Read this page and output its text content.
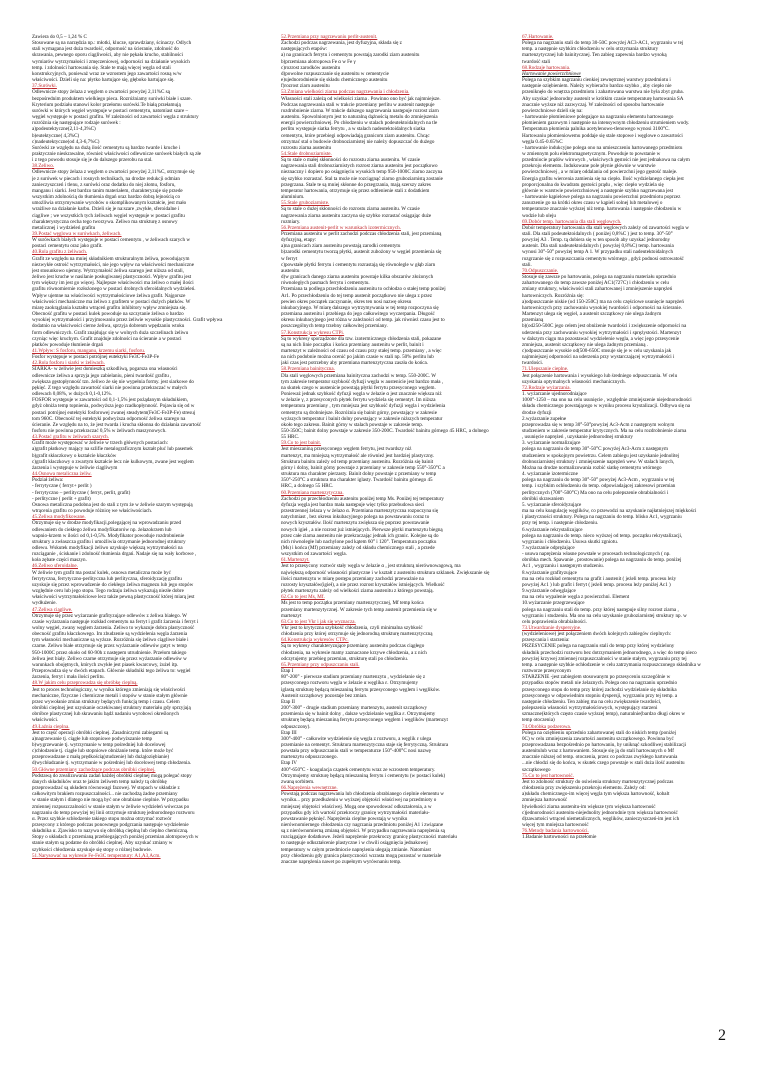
Zawiera do 0,5 – 1,24 % C
Stosowane są na narzędzia np.: młotki, klucze, sprawdziany, ścinaczy. Odlych
stali wymagana jest duża twardość, odporność na ścieranie, zdolność do
skrawania, pewnego oporu ciągliwości, aby nie pękała krucho, stabilności
wymiarów wytrzymałości i zmęczeniowej, odporności na działanie wysokich
temp. i zdolności hartowania się. Stale te mają więcej węgla od stali
konstrukcyjnych, ponieważ wraz ze wzrostem jego zawartości rosną w/w
właściwości. Dzieli się na: płytko hartujące się, głęboko hartujące się.
37.Surówki.
Odlewnicze stopy żelaza z węglem o zwartości powyżej 2,11%C są
bezpośrednim produktem wielkiego pieca. Rozróżniamy surówki białe i szare.
Kryterium podziału stanowi kolor przełomu surówki.Te białą przełamują
surówki w których węgiel występuje w postaci cementytu, natomiast szare –
węgiel występuje w postaci grafitu. W zależności od zawartości węgla z struktury
rozróżnia się następujące rodzaje surówek :
a)podeutektyczne(2,11-4,3%C)
b)eutektyczne( 4,3%C)
c)nadeutektyczne(od 4,3-6,7%C)
Surówki ze względu na dużą ilość cementytu są bardzo twarde i kruche i
praktycznie nieskrawalne, również właściwości odlewnicze surówek białych są złe
i z tego powodu stosuje się je do dalszego przerobu na stal.
38.Żeliwo.
Odlewnicze stopy żelaza z węglem o zwartości powyżej 2,11%C, otrzymuje się
je z surówek w piecach i rosnych technikach, na drodze redukcji odmian
zanieczyszczeń i tlenu, z surówki oraz dodatku do niej złomu, fosforu,
manganu i siarki. Jest bardzo tanim materiałem, charakteryzuje się przede
wszystkim zdolnością do tłumienia drgań oraz bardzo dobrą lejnością co
umożliwia otrzymywanie wyrobów o skomplikowanym kształcie, jest mało
wrażliwe na działanie karbu. Dzieli się je na:szare ,zwykłe, sferoidalne i
ciągliwe ; we wszystkich tych żeliwach węgiel występuje w postaci grafitu
charakterystyczna cecha tego tworzywa. Żeliwo ma strukturę z osnowy
metalicznej i wydzieleń grafitu
39.Postać węglowa w surówkach, żeliwach.
W surówkach białych występuje w postaci cementytu , w żeliwach szarych w
postaci cementytu oraz jako grafit.
40.Rola grafitu z żeliwach.
Grafit ze względu na mniej składnikiem strukturalnym żeliwa, powodującym
niezwykłe ostrość wytrzymałości, nie jego wpływ na właściwości mechaniczne
jest stosunkowo ujemny. Wytrzymałość żeliwa szarego jest niższa od stali,
żeliwo jest kruche w nasilanie posługiwanej plastyczności. Wpływ grafitu jest
tym większy im jest go więcej. Najlepsze właściwości ma żeliwo o małej ilości
grafitu równomiernie rozłożonego w postaci drobnych sferoidalnych wydzieleń.
Wpływ ujemne na właściwości wytrzymałościowe żeliwa grafit. Najgorsze
właściwości mechaniczne ma żeliwo z grafitem w postaci dużych płatków. W
miarę zaokrąglania kształtu wtrąceń grafitu inhibitory wpływ zmniejsza się.
Obecność grafitu w postaci kulek powoduje na szczytanie żeliwa o bardzo
wysokiej wytrzymałości i przyjmowaniu przez żeliwie wysokie plastyczności. Grafit wpływa
dodatnio na właściwości cierne żeliwa, sprzyja dobrenm wpędzaniu wtoku
form odlewniczych. Grafit znajdując się w wolnych duża szczelinach żeliwu
czyniąc więc kruchym. Grafit znajduje zdolności na ścieranie a w postaci
płatków powoduje tłumienie drgań
41.Wpływ: S fosforu, manganu, krzemu siarki, fosforu.
Fosfor występuje w postaci potrójnej eutektyki Fe3C-Fe3P-Fe
42.Rola fosforu i siarki w żeliwach.
SIARKA- w żeliwie jest domieszką szkodliwą, pogarsza ona własności
odlewnicze żeliwa a sprzyja jego zabielaniu, pieni twardość grafitu ,
zwiększa gęstopłynność tzn. żeliwo że się nie wypełnia formy. jest siarkowe do
pękięć. Z tego względu zawartość siarki nie powinna przekraczać w małych
odlewach 0,08%, w dużych 0,1-0,12%.
FOSFOR występuje w zawartości od 0,1-1,5% jest pożądanym składnikiem,
gdyż obniża temp topnienia, podwyższa jego rzadkopłynność. Pojawia się od w
postaci potrójnej eutektyki fosforowej zwanej steadytem(Fe3C-Fe3P-Fe) stresuj
tom 960C. Obecność tej eutektyki podwyższa odporność żeliwa szarego na
ścieranie. Ze względu na to, że jest twarda i krucha skłonna do działania zawartość
fosforu nie powinna przekraczać 0,5% w żeliwach maszynowych.
43.Postać grafitu w żeliwach szarych.
Grafit może występować w żeliwie w trzech głównych postaciach:
a)grafit płatkowy mający na szlifie metalograficznym kształt pluć lub pasemek
b)grafit skłaczkowy o kształcie kłaczków
c)grafit kłaczkowy o zwartym kształcie lecz nie kulkowym, zwane jest węglem
żarzenia i występuje w żeliwie ciągliwym
44.Osnowa metaliczna żeliw.
Podział żeliwa:
- ferrytyczne ( ferryt+ perlit )
- ferrytyczno – perlityczne ( ferryt, perlit, grafit)
- perlityczne ( perlit + grafit)
Osnowa metaliczna podobna jest do stali z tym że w żeliwie szarym występują
wtrącenia grafitu co powoduje różnicę we właściwościach.
45.Żeliwa modyfikowane.
Otrzymuje się w drodze modyfikacji,polegającej na wprowadzaniu przed
odlewaniem do ciekłego żeliwa modyfikatorów np. żelazokrzem lub
wapnio-krzem w ilości od 0,1-0,5%. Modyfikator powoduje rozdrobnienie
struktury a zwłaszcza grafitu i umożliwia otrzymanie jednorodnej struktury
odlewu. Wskutek modyfikacji żeliwo uzyskuje większą wytrzymałości na
rozciąganie , ściskanie i zdolność tłumienia drgań. Nadaje się na wały korbowe ,
koła zębate części maszyn.
46.Żeliwo sferoidalne.
W żeliwie tym grafit ma postać kulek, osnowa metaliczna może być
ferrytyczna, ferrytyczno-perlityczna lub perlityczna, sferoidyzację grafitu
uzyskuje się przez wprowadzenie do ciekłego żeliwa magnezu lub jego stopów
względnie ceru lub jego stopu. Tego rodzaju żeliwa wykazują niezłe dobre
właściwości wytrzymałościowe lecz także pewną plastyczność której miarą jest
wydłużenie.
47.Żeliwa ciągliwe.
Otrzymuje się przez wyżarzanie grafityzujące odlewów z żeliwa białego. W
czasie wyżarzania następuje rozkład cementytu na ferryt i grafit żarzenia i ferryt i
wolny węgiel, zwany węglem żarzenia. Żeliwo to wykazuje dobra plastyczność
obecność grafitu kłaczkowego. Im zbudzenie są wydzielenia węgla żarzenia
tym własności mechaniczne są wyższe. Rozróżnia się żeliwo ciągliwe białe i
czarne. Żeliwo białe otrzymuje się przez wyżarzanie odlewów gatyt w temp
950-1000C przez około od 60-90h z następem utrudnienie. Przełom takiego
żeliwa jest biały. Żeliwo czarne otrzymuje się przez wyżarzanie odlewów w
warunkach obojętnych, których zwykłe jest piasek kwarcowy, żużel itp.
Przeprowadza się w dwóch etapach. Głównie składniki tego żeliwa to: węgiel
żarzenia, ferryt i mała ilości perlitu.
48.W jakim celu przeprowadza się obróbkę cieplną.
Jest to proces technologiczny, w wyniku którego zmieniają się właściwości
mechaniczne, fizyczne i chemiczne metali i stopów w stanie stałym głównie
przez wywołanie zmian struktury będących funkcją temp i czasu. Celem
obróbki cieplnej jest uzyskanie oczekiwanej struktury materiału gdy sprzyjają
obróbce plastycznej lub skrawaniu bądź nadaniu wyrobowi określonych
właściwości.
49.Łaźnia cieplna.
Jest to część operacji obróbki cieplnej. Zasadniczymi zabiegami są
a)nagrzewanie tj. ciągłe lub stopniowe podwyższanie temp
b)wygrzewanie tj. wytrzymanie w temp pośredniej lub docelowej
c)chłodzenie tj. ciągłe lub stopniowe obniżanie temp. które może być
przeprowadzane z małą prędkością(studzenie) lub dużą(oziębianie)
d)wychładzanie tj. wytrzymanie w pośredniej lub docelowej temp chłodzenia.
50.Główne przemiany zachodzące podczas obróbki cieplnej.
Podstawą do zrealizowania zadań każdej obróbki cieplnej mogą polegać stopy
danych składników oraz te jakim żeliwem temp należy tą obróbkę
przeprowadzać są układem równowagi fazowej. W stopach w układzie z
całkowitym brakiem rozpuszczalności... nie zachodzą żadne przemiany
w stanie stałym i dlatego nie mogą być one obrabiane cieplnie. W przypadku
zmiennej rozpuszczalności w stanie stałym w żeliwie wydzieleń wówczas po
nagrzaniu do temp powyżej tej linii otrzymuje strukturę jednorodnego roztworu
α. Przez szybkie schłodzenie takiego stopu można otrzymać roztwór
przesycony z którego podczas ponownego podgrzania następuje wydzielenie
składnika α. Zjawisko to nazywa się obróbką cieplną lub cieplno chemiczną.
Stopy o układach z przemianą przebiegających poniżej przemian alotropowych w
stanie stałym są podatne do obróbki cieplnej. Aby uzyskać zmiany w
szybkości chłodzenia uzyskuje się stopy o różnej budowie.
51.Narysować na wykresie Fe-Fe3C temperatury: A1,A3,Acm.
52.Przemiana przy nagrzewaniu perlit-austenit.
Zachodzi podczas nagrzewania, jest dyfuzyjna, składa się z
następujących etapów:
a) na granicach ferrytu i cementytu powstają zarodki ziarn austenitu
b)przemiana alotropowa Fe α w Fe γ
c)rozrost zarodków austenitu
d)powolne rozpuszczanie się austenitu w cementycie
e)ujednorodnienie się składu chemicznego austenitu
f)rozrost ziarn austenitu
53.Zmiana wielkości ziarna podczas nagrzewania i chłodzenia.
Własności stali zależą od wielkości ziarna . Powinno ono być jak najmniejsze.
Podczas nagrzewania stali w trakcie przemiany perlitu w austenit następuje
rozdrobnienie ziarna. W trakcie dalszego nagrzewania następuje rozrost ziarn
austenitu. Spowolnionym jest to naturalną dążnością metalu do zmniejszenia
energii powierzchniowej. Po chłodzeniu w stalach podeutektoidalnych na tle
perlitu występuje siatka ferrytu , a w stalach nadeutektoidalnych siatka
cementytu, które przebiegi odpowiadają granicom ziarn austenitu. Chcąc
otrzymać stal o budowie drobnoziarnistej nie należy dopuszczać do dużego
rozrostu ziarna austenitu
54.Stale drobnoziarniste.
Są to stale o małej skłonności do rozrostu ziarna austenitu. W czasie
nagrzewania stali drobnoziarnistych rozrost ziarna austenitu jest początkowo
nieznaczny i dopiero po osiągnięciu wysokich temp 950-1000C ziarno zaczyna
się szybko rozrastać. Stal ta może nie rozciągnąć ziarno gruboziarnistą zostanie
przegrzana. Stale te są mniej skłonne do przegrzania, mają szerszy zakres
temperatur hartowania, otrzymuje się przez odtlenienie stali z dodatkiem
aluminium.
55.Stale gruboziarniste.
Są to stale o dużej skłonności do rozrostu ziarna austenitu. W czasie
nagrzewania ziarna austenitu zaczyna się szybko rozrastać osiągając duże
rozmiary.
56.Przemiana austenit-perlit w warunkach izotermicznych.
Przemiana austenitu w perlit zachodzi podczas chłodzenia stali, jest przemianą
dyfuzyjną, etapy:
a)na granicach ziarn austenitu powstają zarodki cementytu
b)zarodki cementytu tworzą płytki, austenit zubożony w węgiel przemienia się
w ferryt
c)powstałe płytki ferrytu i cementytu rozrastają się równolegle w głąb ziarn
austenitu
d)w granicach danego ziarna austenitu powstaje kilka obszarów złożonych
równoległych pasmach ferrytu i cementytu.
Przemiana ta podlega przechłodzeniu austenitu to ochłodzo o stałej temp poniżej
Ar1. Po przechłodzeniu do tej temp austenit początkowo nie ulega z przez
pewien okres początek zaczynanie, okres ten nosi nazwę okresu
inkubacyjnego. W miarę dalszego wytrzymywania w tej temp rozpoczyna się
przemiana austenitu i przebiega do jego całkowitego wyczerpania. Długość
okresu inkubacyjnego jest różna w zależności od temp. jak również czasu jest to
poszczególnych temp trzebny całkowitej przemiany.
57.Konstrukcja wykresu CTPi.
Są to wykresy sporządzone dla tzw. izotermicznego chłodzenia stali, pokazane
są na nich linie początku i końca przemiany austenitu w perlit, bainit i
martenzyt w zależności od czasu od czasu przy stałej temp. przemiany , a więc
na nich podobnie można ocenić po jakim czasie w stali np. 50% perlitu lub
jaki czas jest potrzebny aby przemiana martenzytyczna zaszła do końca.
58.Przemiana bainityczna.
Dla stali węglowych przemiana bainityczna zachodzi w temp. 550-200C. W
tym zakresie temperatur szybkość dyfuzji węgla w austenicie jest bardzo mała ,
na skutek czego w austenicie powstają płytki ferrytu przesyconego węglem.
Ponieważ jednak szybkość dyfuzji węgla w żelazie α jest znacznie większa niż
w żelazie γ, z przesyconych płytek ferrytu wydziela się cementyt. Im niższa
temperatura przemiany , tym mniejsza jest szybkość dyfuzji węgla i wydzielenia
cementytu są drobniejsze. Rozróżnia się bainit górny, powstający w zakresie
wyższych temperatur i bainit dolny powstający w zakresie niższych temperatur
około tego zakresu. Bainit górny w stalach powstaje w zakresie temp.
550-350C; bainit dolny powstaje w zakresie 350-200C. Twardość bainitu górnego 45 HRC, a dolnego
55 HRC.
59.Co to jest bainit.
Jest mieszaniną przesyconego węglem ferrytu, jest twardszy niż
martenzyt, ma mniejszą wytrzymałość ale również jest bardziej plastyczny.
Struktura bainitu zależy od temp przemiany austenitu. Rozróżnia się bainit
górny i dolny, bainit górny powstaje z przemiany w zakresie temp 550°-350°C a
struktura ma charakter pierzasty. Bainit dolny powstaje z przemiany w temp
350°-250°C a struktura ma charakter iglasty. Twardość bainitu górnego 45
HRC, a dolnego 55 HRC.
60.Przemiana martenzytyczna.
Zachodzi po przechłodzeniu austenitu poniżej temp Ms. Poniżej tej temperatury
dyfuzja węgla jest bardzo mała następuje więc tylko przebudowa sieci
przestrzennej żelaza γ w żelazo α. Przemiana martenzytyczna rozpoczyna się
natychmiast , bez okresu inkubacyjnego polega na powstawaniu coraz to
nowych kryształów. Ilość martenzytu zwiększa się poprzez powstawanie
nowych igieł , a nie rozrost już istniejących. Pierwsze płytki martenzytu biegną
przez całe ziarna austenitu nie przekraczając jednak ich granic. Kolejne są do
nich równoległe lub nachylone pod kątem 60° i 120°. Temperatura początku
(Ms) i końca (Mf) przemiany zależy od składu chemicznego stali , a przede
wszystkim od zawartości węgla.
61.Martenzyt.
Jest to przesycony roztwór stały węgla w żelazie α , jest strukturą nierównowagową, ma
największą odporność własności plastyczne i w kształt z austenitu struktura szklanek. Zwiększanie się
ilości martenzytu w miarę postępu przemiany zachodzi przeważnie na
rozrosty kryształów(igieł), a nie przez rozrost kryształów istniejących. Wielkość
płytek martenzytu zależy od wielkości ziarna austenitu z którego powstają.
62.Co to jest Ms, Mf.
Ms jest to temp początku przemiany martenzytycznej, Mf temp końca
przemiany martenzytycznej. W zakresie tych temp austenit przemienia się w
martenzyt
63.Co to jest Vkr i jak się wyznacza.
Vkr jest to krytyczna szybkość chłodzenia, czyli minimalna szybkość
chłodzenia przy której otrzymuje się jednorodną strukturę martenzytyczną
64.Konstrukcja wykresów CTPc.
Są to wykresy charakteryzujące przemiany austenitu podczas ciągłego
chłodzenia, na wykresie mamy zaznaczone krzywe chłodzenia, a z nich
odczytujemy przebieg przemian, strukturę stali po chłodzeniu.
65.Przemiany przy odpuszczaniu stali.
Etap I
80°-200° - pierwsze stadium przemiany martenzytu , wydzielanie się z
przesyconego roztworu węgla w żelazie α węglika ε. Otrzymujemy
iglastą strukturę będącą mieszaniną ferrytu przesyconego węglem i węglików.
Austenit szczątkowy pozostaje bez zmian.
Etap II
200°-300° - drugie stadium przemiany martenzytu, austenit szczątkowy
przemienia się w bainit dolny , dalsze wydzielanie węglika ε. Otrzymujemy
strukturę będącą mieszaniną ferrytu przesyconego węglem i węglików (martenzyt
odpuszczony).
Etap III
300°-400° - całkowite wydzielenie się węgla z roztworu, a węglik ε ulega
przemianie na cementyt. Struktura martenzytyczna staje się ferrytyczną. Struktura
powstała przy odpuszczaniu stali w temperaturze 150°-400°C nosi nazwę
martenzytu odpuszczonego.
Etap IV
400°-650°C - koagulacja cząstek cementytu wraz ze wzrostem temperatury.
Otrzymujemy strukturę będącą mieszaniną ferrytu i cementytu (w postaci kulek)
zwaną sorbitem.
66.Naprężenia wewnętrzne.
Powstają podczas nagrzewania lub chłodzenia obrabianego cieplnie elementu w
wyniku... przy przedłużeniu w wyższej objętości właściwej na przedmioty o
mniejszej objętości właściwej. Mogą one spowodować odkształcenia, a w
przypadku gdy ich wartość przekroczy granicę wytrzymałości materiału-
powstawanie pęknięć. Naprężenia cieplne powstają w wyniku
nierównomiernego chłodzenia czy nagrzania przedmiotu poniżej A1 i związane
są z nierównomierną zmianą objętości. W przypadku nagrzewania naprężenia są
rozciągające dodatkowe. Jeżeli naprężenie przekroczy granicę plastyczności materiału
to następuje odkształcenie plastyczne i w chwili osiągnięcia jednakowej
temperatury w całym przedmiocie naprężenia ulegają zmianie. Natomiast
przy chłodzeniu gdy granica plastyczności wzrasta mogą pozostać w materiale
znaczne naprężenia nawet po zupełnym wyrównaniu temp.
67.Hartowanie.
Polega na nagrzaniu stali do temp 30-50C powyżej AC3-AC1, wygrzaniu w tej
temp. a następnie szybkim chłodzeniu w celu otrzymania struktury
martenzytycznej lub bainitycznej. Ten zabieg zapewnia bardzo wysoką
twardość stali
68.Rodzaje hartowania.
Hartowanie powierzchniowe
Polega na szybkim nagrzaniu cienkiej zewnętrznej warstwy przedmiotu i
następnie oziębieniem. Należy wybieraćto bardzo szybko , aby ciepło nie
przeniknęło do wnętrza przedmiotu i zahartowana warstwa nie była zbyt gruba.
Aby uzyskać jednorodny austenit w krótkim czasie temperaturę hartowania SA
znacznie wyższe niż zazwyczaj. W zależności od sposobu hartowanie
powierzchniowe dzieli się na:
- hartowanie płomieniowe polegające na nagrzaniu elementu hartowanego
płomieniem gazowym i następnie na intensywnym chłodzeniu strumieniem wody.
Temperatura płomienia palnika acetylenowo-tlenowego wynosi 3100°C.
Hartowaniu płomieniowemu poddaje się stale stopowe i węglowe o zawartości
węgla 0.45-0.65%C
- hartowanie indukcyjne polega ono na umieszczeniu hartowanego przedmiotu
w zmiennym polu elektromagnetycznym. Powoduje to powstanie w
przedmiocie prądów wirowych , właściwych gęstości nie jest jednakowa na całym
przekroju elementu. Indukowane pole płynie głównie w warstwie
powierzchniowej , a w miarę oddalania od powierzchni jego gęstość maleje.
Energia grafitu wiercenia zamienia się na ciepło. Ilość wydzielanego ciepła jest
proporcjonalna do kwadratu gęstości prądu , więc ciepło wydziela się
głównie w warstwie powierzchniowej a następnie szybko nagrzewana jest
- hartowanie kąpielowe polega na nagrzaniu powierzchni przedmiotu poprzez
zanurzenie go na krótki okres czasu w kąpieli solnej lub metalowej o
temperaturze znacznie wyższej niż temp. hartowania i następnie chłodzeniu w
wodzie lub oleju
69.Dobór temp. hartowania dla stali węglowych.
Dobór temperatury hartowania dla stali węglowych zależy od zawartości węgla w
stali. Dla stali podeutektoidalnych ( poniżej 0,8%C ) jest to temp. 30°-50°
powyżej A3 . Temp. tą dobiera się w ten sposób aby uzyskać jednorodny
austenit. Dla stali nadeutektoidalnych ( powyżej 0,8%C) temp. hartowania
wynosi 30°-50° powyżej temp A 1. W przypadku stali nadeutektoidalnych
rozgrzanie się z rozpuszczania cementytu wtórnego , gdyż podnosi ostrowatość
stali.
70.Odpuszczanie.
Stosuje się zawsze po hartowaniu, polega na nagrzaniu materiału uprzednio
zahartowanego do temp zawsze poniżej AC1(727C) i chłodzeniu w celu
zmiany struktury, właściwości stali zahartowanej i zmniejszenie naprężeń
hartowniczych. Rozróżnia się:
a)odpuszczanie niskie (od 150-250C) ma na celu częściowe usunięcie naprężeń
hartowniczych przy zachowaniu wysokiej twardości i odporności na ścieranie.
Martenzyt ulega się węgiel, a austenit szczątkowy nie ulega żadnym
przemianą
b)(od250-500C jego celem jest obniżenie twardości i zwiększenie odporności na
uderzenia przy zachowaniu wysokiej wytrzymałości i sprężystości. Martenzyt
w dalszym ciągu ma pozostawać wydzielenie węgla, a więc jego przesycenie
zmniejsza, austenit szczątkowy nie ulega żadnym przemianą .
c)odpuszczanie wysokie od(500-650C stosuje się je w celu uzyskania jak
najmniejszej odporności na uderzenia przy wystarczającej wytrzymałości i
twardości.
71.Ulepszanie cieplne.
Jest połączenie hartowania i wysokiego lub średniego odpuszczania. W celu
uzyskania optymalnych własności mechanicznych.
72.Rodzaje wyżarzania.
1. wyżarzanie ujednorodniające
1000°-1250 – ma ono na celu usunięcie , względnie zmniejszenie niejednorodności
składu chemicznego powstającego w wyniku procesu krystalizacji. Odbywa się na
drodze dyfuzji
2.wyżarzanie zupełne
przeprowadza się w temp 30°-50°powyżej Ac3-Acm z następnym wolnym
studzeniem w zakresie temperatur krytycznych. Ma na celu rozdrobnienie ziarna
, usunięcie naprężeń , uzyskanie jednorodnej struktury
3. wyżarzanie normalizujące
polega na nagrzaniu do temp 30°-50°C powyżej Ac3-Acm z następnym
studzeniem w spokojnym powietrzu. Celem zabiegu jest uzyskanie jednolitej
drobnoziarnistej struktury i zmniejszenie naprężeń wew. W stalach lanych,
Można na drodze normalizowania rozbić siatkę cementytu wtórnego
4. wyżarzanie izotermiczne
polega na nagrzaniu do temp 30°-50° powyżej Ac3-Acm , wygrzaniu w tej
temp. i szybkim ochłodzeniu do temp. odpowiadającej zakresowi przemian
perlitycznych (700°-500°C) Ma ono na celu polepszenie obrabialności i
obróbki skrawaniem
5. wyżarzanie sferoidyzujące
ma na celu koagulację węglików, co przewodzi na uzyskanie najłatniejszej miękkości
i plastyczności struktury. Polega na nagrzaniu do temp. blisko Ac1, wygrzaniu
przy tej temp. i następnie chłodzeniu.
6.wyżarzanie rekrystalizujące
polega na nagrzaniu do temp. nieco wyższej od temp. początku rekrystalizacji,
wygrzaniu i chłodzeniu. Usuwa skutki zgniotu.
7.wyżarzanie odprężające
- usuwa naprężenia własne powstałe w procesach technologicznych ( np.
obróbka mech. Spawanie , prostowanie) polega na nagrzaniu do temp. poniżej
Ac1 , wygrzaniu i następnym studzeniu.
8.wyżarzanie grafityzujące
ma na celu rozkład cementytu na grafit i austenit ( jeżeli temp. procesu leży
powyżej Ac1 ) lub grafit i ferryt ( jeżeli temp. procesu leży poniżej Ac1 )
9.wyżarzanie odwęglające
ma na celu wypalenie węgla z powierzchni. Element
10.wyżarzanie przegrzewające
polega na nagrzaniu stali do temp. przy której następuje silny rozrost ziarna ,
wygrzaniu i studzeniu. Ma ono na celu uzyskanie gruboziarnistej struktury np. w
celu poprawienia obrabialności.
73.Utwardzanie dyspersyjne.
(wydzieleniowe) jest połączeniem dwóch kolejnych zabiegów cieplnych:
przesycania i starzenia:
PRZESYCENIE polega na nagrzaniu stali do temp przy której wydzielony
składnik przechodzi roztworu bez dotrzymaniem jednorodnego, a więc do temp nieco
powyżej krzywej zmiennej rozpuszczalności w stanie stałym, wygrzaniu przy tej
temp. a następnie szybkie ochłodzenie w celu zatrzymania rozpuszczonego składnika w
roztworze przesyconym
STARZENIE -jest zabiegiem stosowanym po przesyceniu szczególnie w
przypadku stopów metali nie żelaznych. Polega ono na nagrzaniu uprzednio
przesyconego stopu do temp przy której zachodzi wydzielanie się składnika
przesyconego w odpowiednim stopniu dyspersji, wygrzaniu przy tej temp. a
następnie chłodzeniu. Ten zabieg ma na celu zwiększenie twardości,
polepszenia własności wytrzymałościowych, występujący starzeni
szmaczne(których często czasie wyższej temp), naturalnie(bardzo długi okres w
temp otoczenia)
74.Obróbka podzerowa.
Polega na oziębieniu uprzednio zahartowanej stali do niskich temp (poniżej
0C) w celu zmniejszenia zawartości austenitu szczątkowego. Powinna być
przeprowadzana bezpośrednio po hartowaniu, by uniknąć szkodliwej stabilizacji
austenitulub wraz z hartowaniem. Stosuje się ją do stali hartowanych o Mf
znacznie niższej od temp. otoczenia, przez co podczas zwykłego hartowania
...nie chłodzi się do końca, w skutek czego powstaje w stali duża ilość austenitu
szczątkowego
75.Co to jest hartowność.
Jest to zdolność struktury do osiwienia struktury martenzytycznej podczas
chłodzenia przy zwiększeniu przekroju elementu. Zależy od:
a)składu chemicznego-im więcej węgla tym większa hartowność, kobalt
zmniejsza hartowność
b)wielkości ziarna austenitu-im większe tym większa hartowność
c)jednorodności austenitu-niejednolity jednorodnie tym większa hartowność
d)zawartości wtrąceń niemetalicznych, węglików, zanieczyszczeń-im jest ich
więcej tym mniejsza hartowność
76.Metody badania hartowności.
1.Badanie hartowności na przełomie
2
